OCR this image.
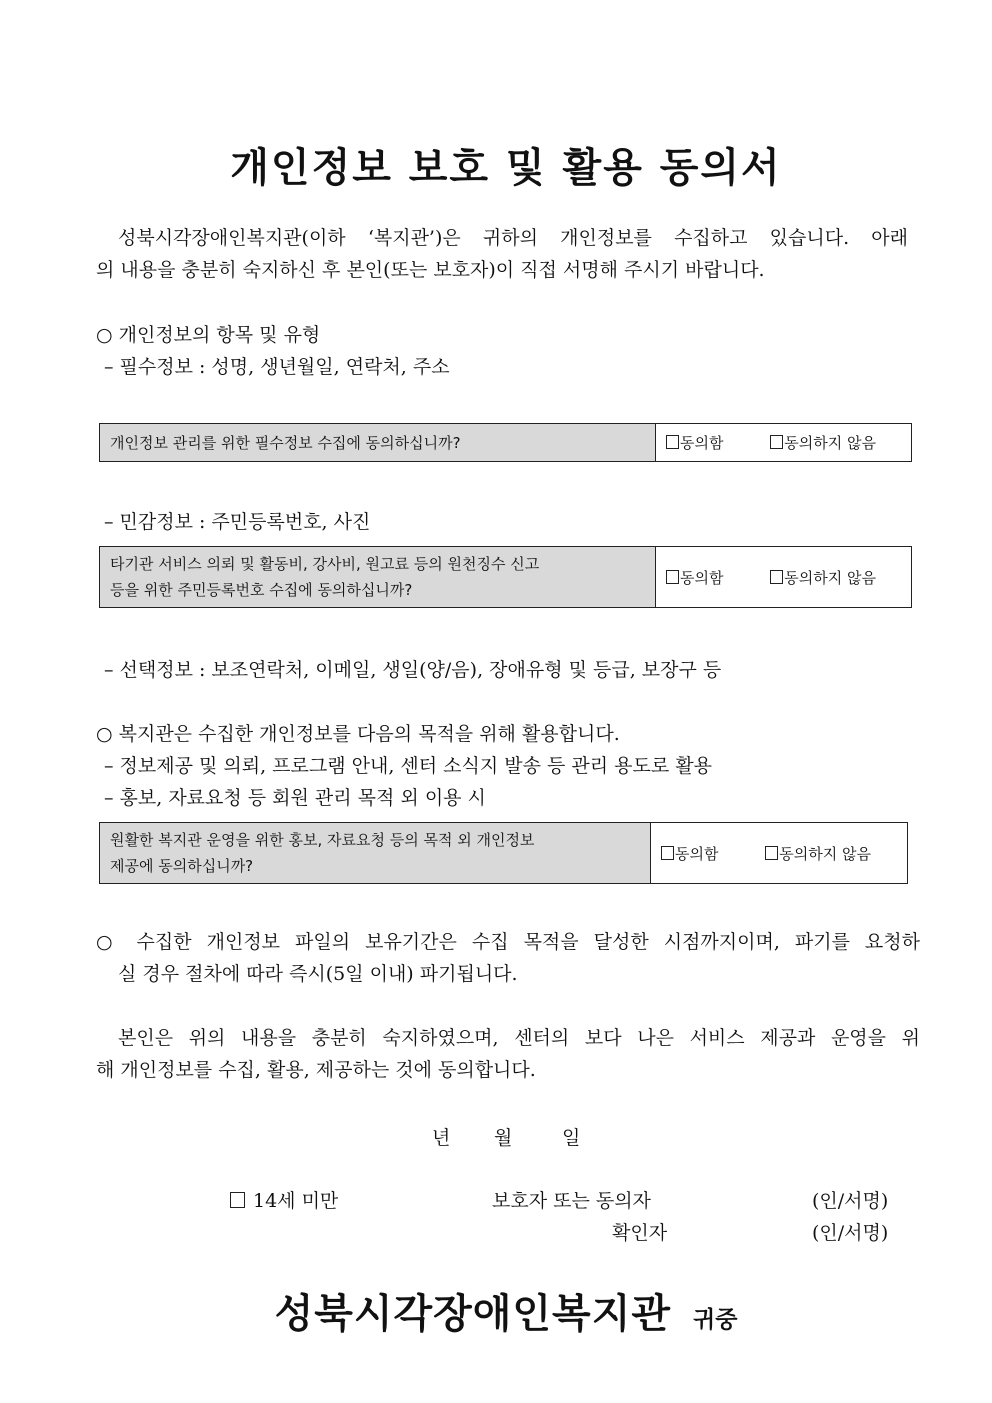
개인정보 보호 및 활용 동의서
성북시각장애인복지관(이하 ‘복지관’)은 귀하의 개인정보를 수집하고 있습니다. 아래
의 내용을 충분히 숙지하신 후 본인(또는 보호자)이 직접 서명해 주시기 바랍니다.
○ 개인정보의 항목 및 유형
– 필수정보 : 성명, 생년월일, 연락처, 주소
개인정보 관리를 위한 필수정보 수집에 동의하십니까?	동의함	동의하지 않음
– 민감정보 : 주민등록번호, 사진
타기관 서비스 의뢰 및 활동비, 강사비, 원고료 등의 원천징수 신고
등을 위한 주민등록번호 수집에 동의하십니까?
	동의함	동의하지 않음
– 선택정보 : 보조연락처, 이메일, 생일(양/음), 장애유형 및 등급, 보장구 등
○ 복지관은 수집한 개인정보를 다음의 목적을 위해 활용합니다.
– 정보제공 및 의뢰, 프로그램 안내, 센터 소식지 발송 등 관리 용도로 활용
– 홍보, 자료요청 등 회원 관리 목적 외 이용 시
원활한 복지관 운영을 위한 홍보, 자료요청 등의 목적 외 개인정보
제공에 동의하십니까?
	동의함	동의하지 않음
○ 수집한 개인정보 파일의 보유기간은 수집 목적을 달성한 시점까지이며, 파기를 요청하
실 경우 절차에 따라 즉시(5일 이내) 파기됩니다.
본인은 위의 내용을 충분히 숙지하였으며, 센터의 보다 나은 서비스 제공과 운영을 위
해 개인정보를 수집, 활용, 제공하는 것에 동의합니다.
년 월	일
14세 미만	보호자 또는 동의자	(인/서명)
확인자	(인/서명)
성북시각장애인복지관 귀중
